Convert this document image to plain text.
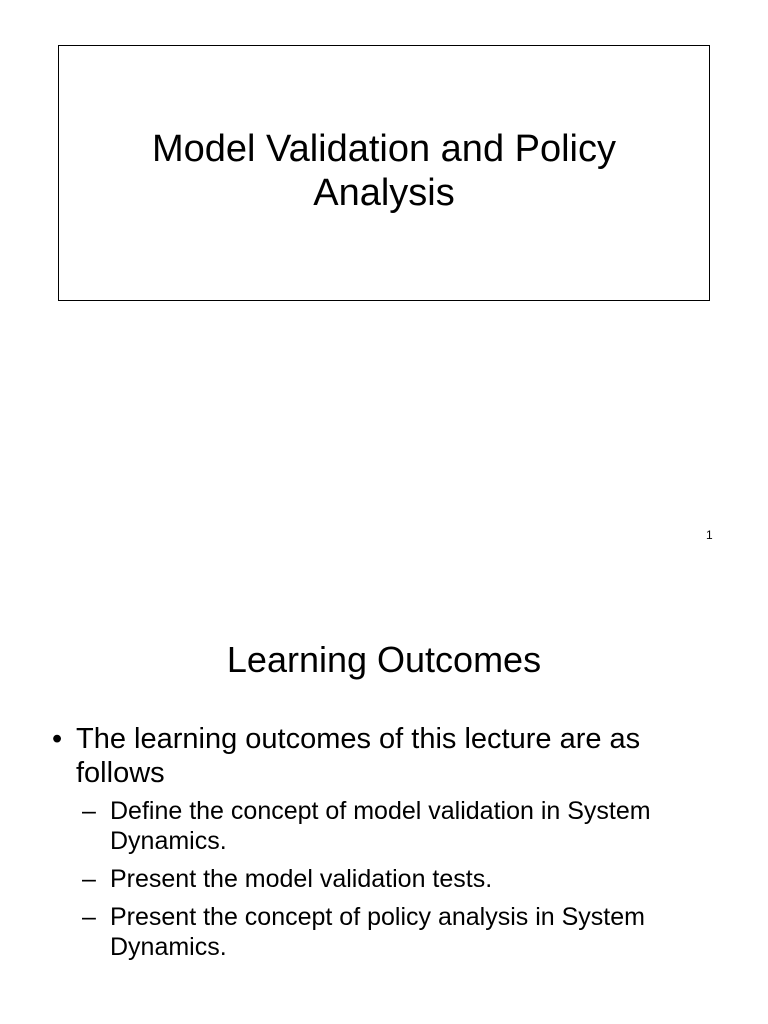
Model Validation and Policy Analysis
1
Learning Outcomes
• The learning outcomes of this lecture are as follows
– Define the concept of model validation in System Dynamics.
– Present the model validation tests.
– Present the concept of policy analysis in System Dynamics.
